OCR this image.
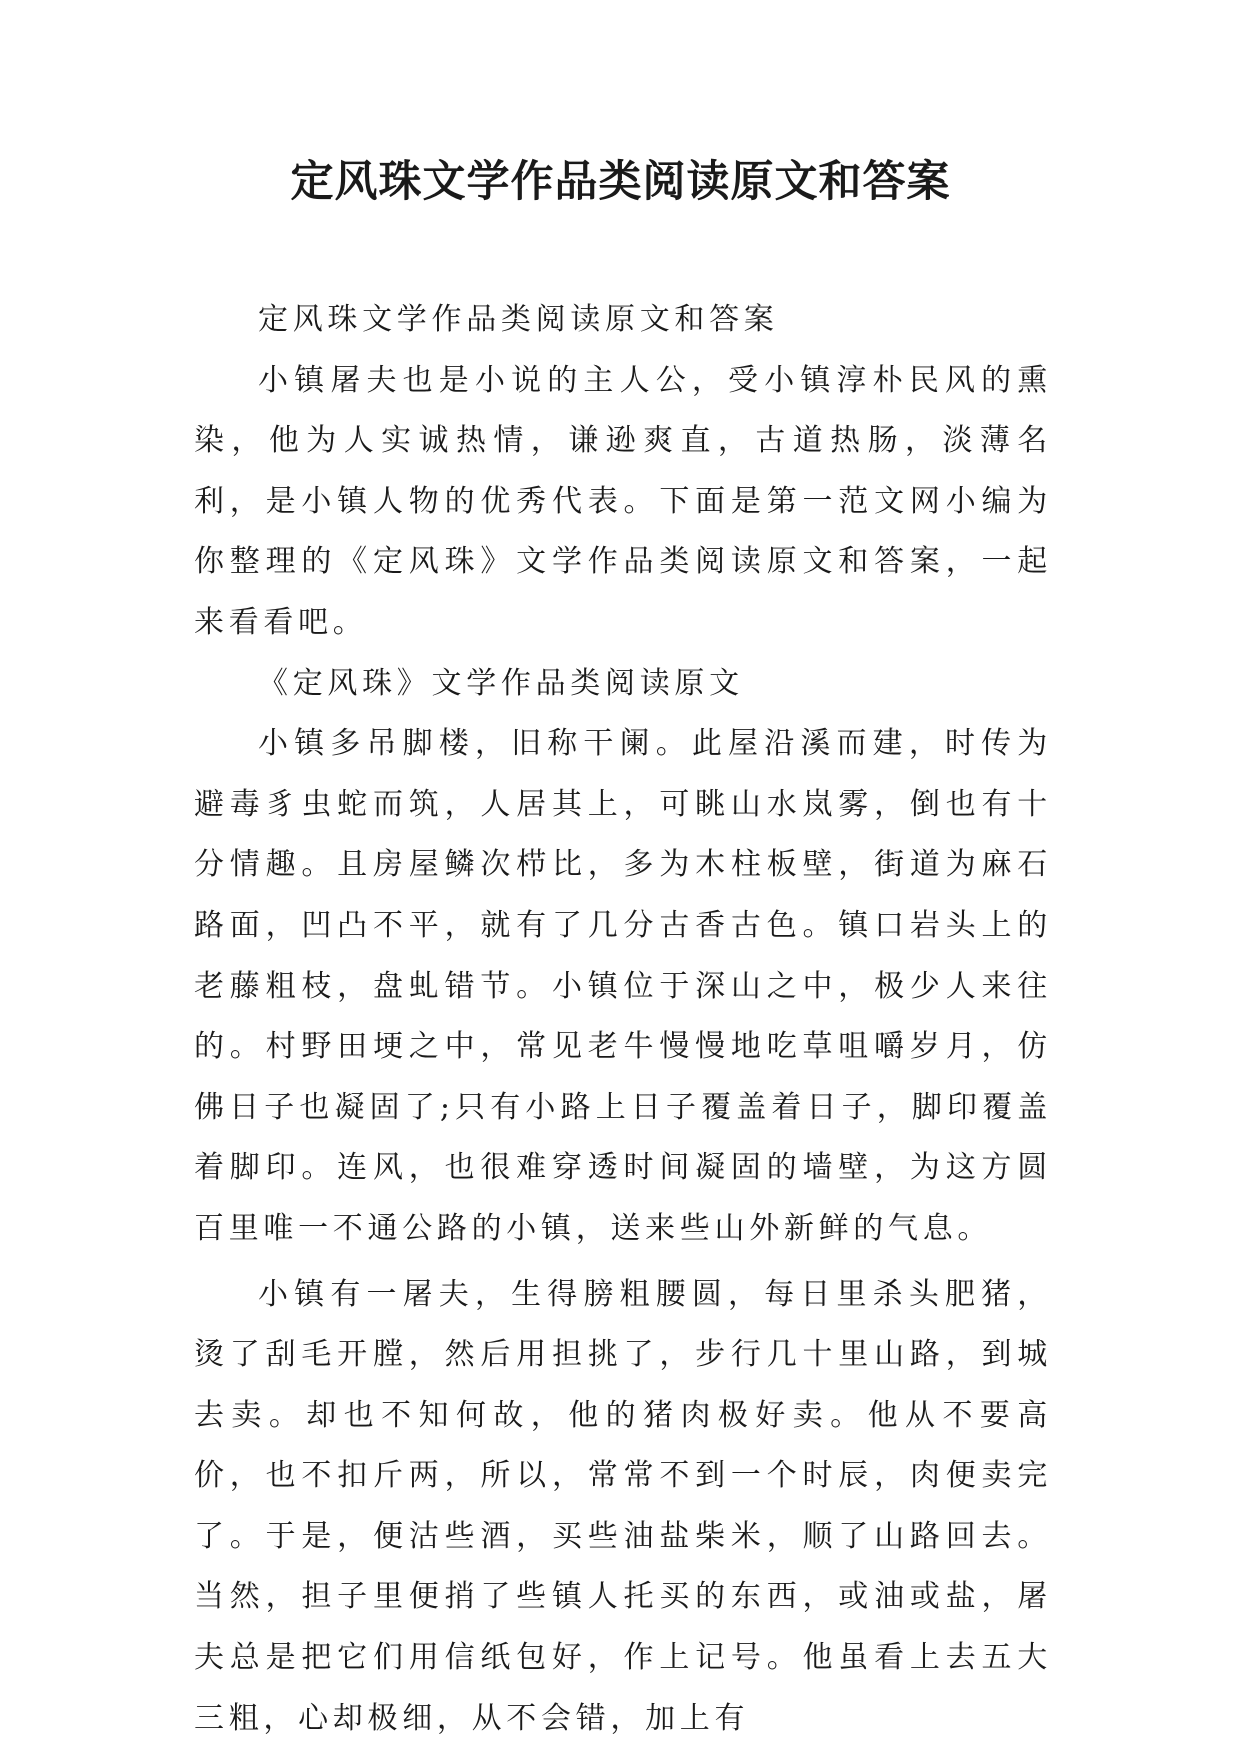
定风珠文学作品类阅读原文和答案

定风珠文学作品类阅读原文和答案

小镇屠夫也是小说的主人公，受小镇淳朴民风的熏染，他为人实诚热情，谦逊爽直，古道热肠，淡薄名利，是小镇人物的优秀代表。下面是第一范文网小编为你整理的《定风珠》文学作品类阅读原文和答案，一起来看看吧。

《定风珠》文学作品类阅读原文

小镇多吊脚楼，旧称干阑。此屋沿溪而建，时传为避毒豸虫蛇而筑，人居其上，可眺山水岚雾，倒也有十分情趣。且房屋鳞次栉比，多为木柱板壁，街道为麻石路面，凹凸不平，就有了几分古香古色。镇口岩头上的老藤粗枝，盘虬错节。小镇位于深山之中，极少人来往的。村野田埂之中，常见老牛慢慢地吃草咀嚼岁月，仿佛日子也凝固了;只有小路上日子覆盖着日子，脚印覆盖着脚印。连风，也很难穿透时间凝固的墙壁，为这方圆百里唯一不通公路的小镇，送来些山外新鲜的气息。

小镇有一屠夫，生得膀粗腰圆，每日里杀头肥猪，烫了刮毛开膛，然后用担挑了，步行几十里山路，到城去卖。却也不知何故，他的猪肉极好卖。他从不要高价，也不扣斤两，所以，常常不到一个时辰，肉便卖完了。于是，便沽些酒，买些油盐柴米，顺了山路回去。当然，担子里便捎了些镇人托买的东西，或油或盐，屠夫总是把它们用信纸包好，作上记号。他虽看上去五大三粗，心却极细，从不会错，加上有
